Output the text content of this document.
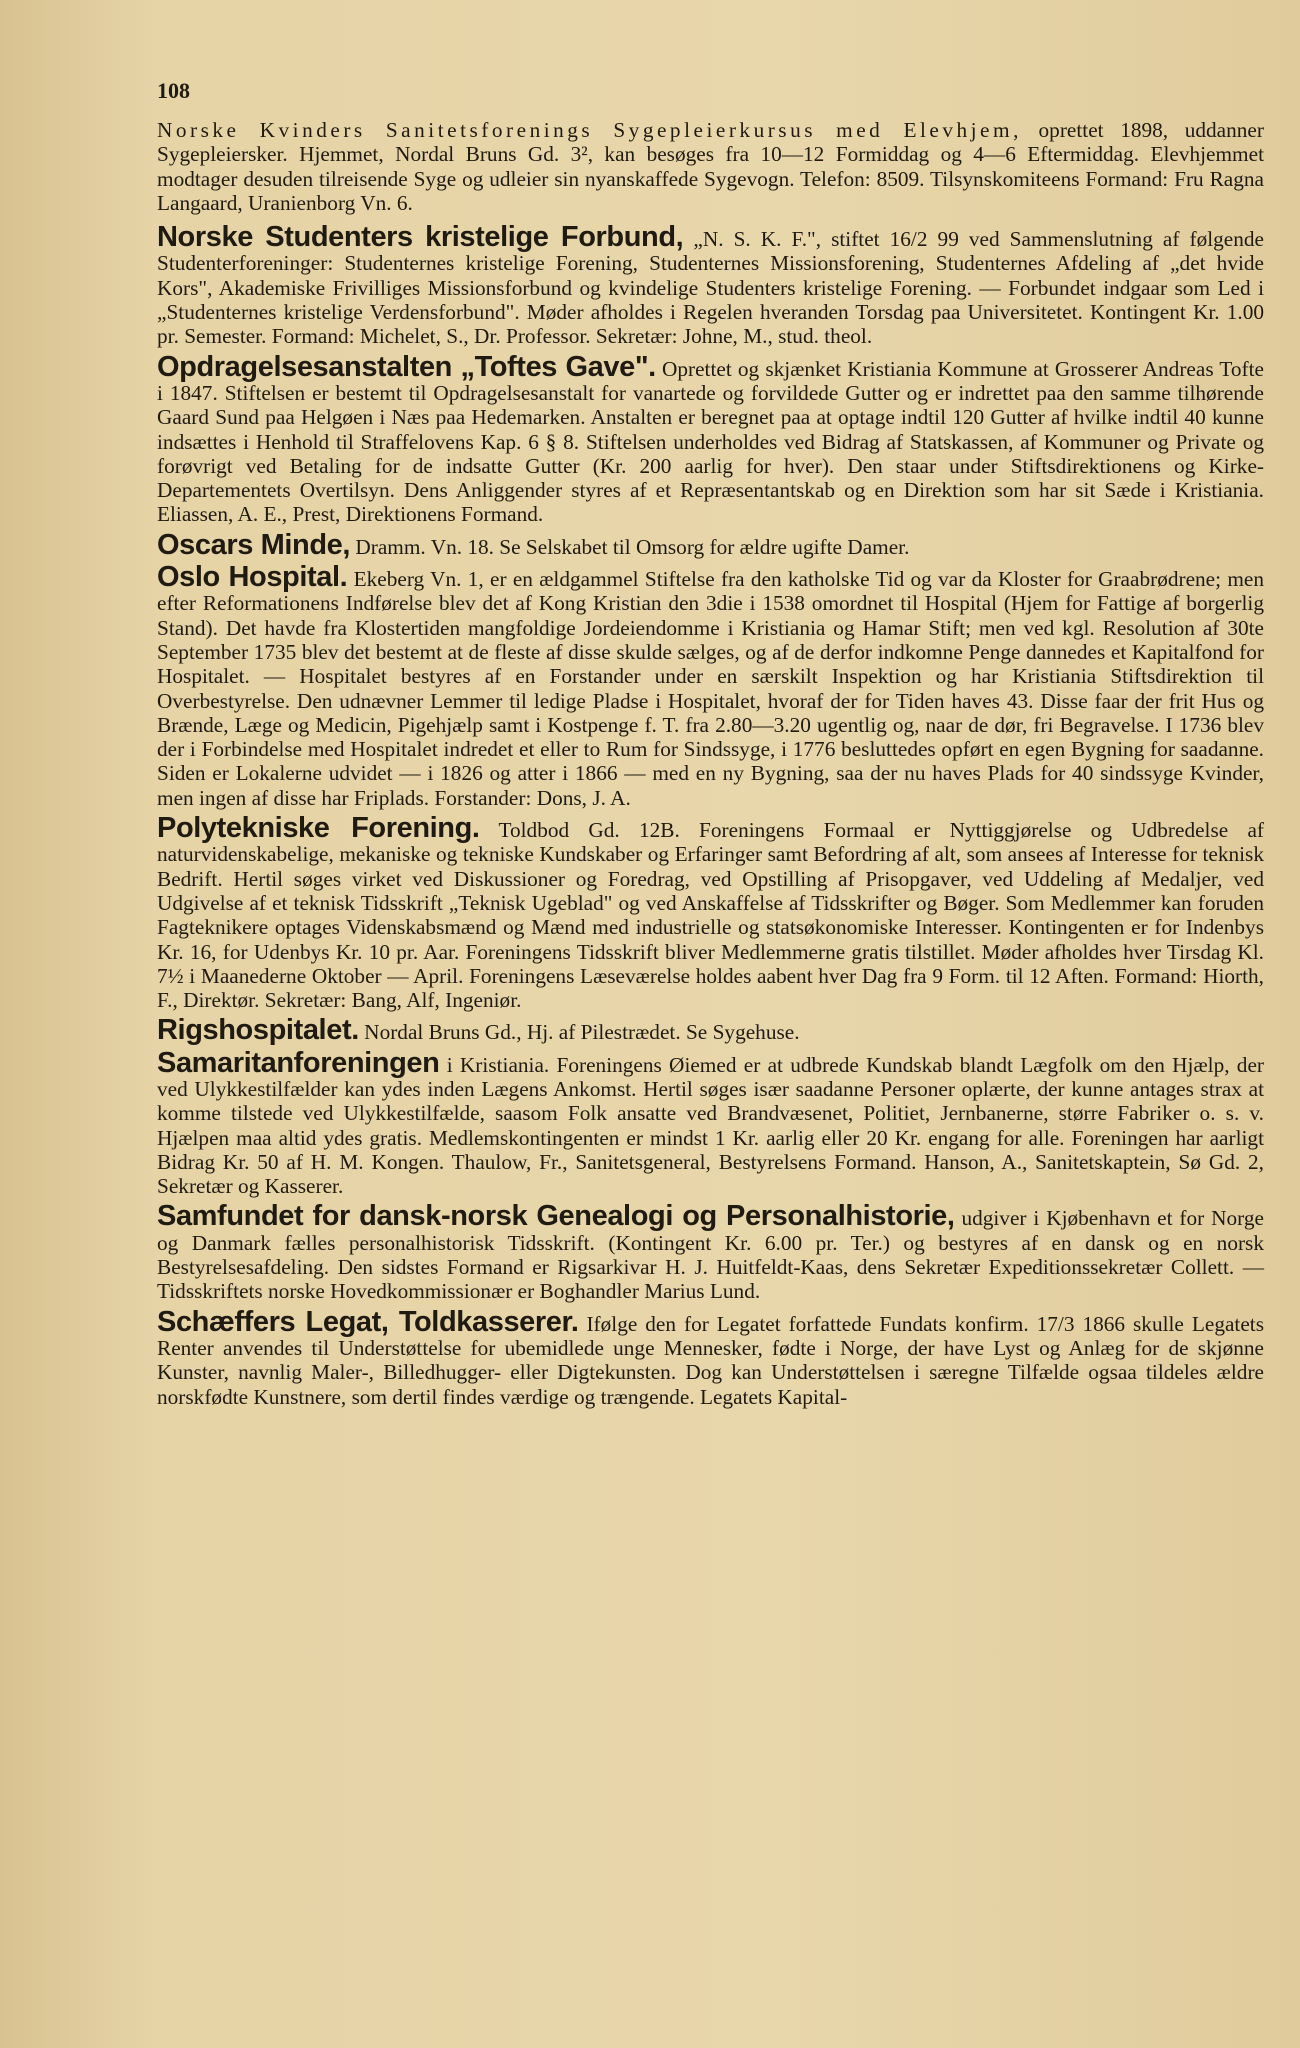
108

Norske Kvinders Sanitetsforenings Sygepleierkursus med Elevhjem, oprettet 1898, uddanner Sygepleiersker. Hjemmet, Nordal Bruns Gd. 3², kan besøges fra 10—12 Formiddag og 4—6 Eftermiddag. Elevhjemmet modtager desuden tilreisende Syge og udleier sin nyanskaffede Sygevogn. Telefon: 8509. Tilsynskomiteens Formand: Fru Ragna Langaard, Uranienborg Vn. 6.

Norske Studenters kristelige Forbund, „N. S. K. F.", stiftet 16/2 99 ved Sammenslutning af følgende Studenterforeninger: Studenternes kristelige Forening, Studenternes Missionsforening, Studenternes Afdeling af „det hvide Kors", Akademiske Frivilliges Missionsforbund og kvindelige Studenters kristelige Forening. — Forbundet indgaar som Led i „Studenternes kristelige Verdensforbund". Møder afholdes i Regelen hveranden Torsdag paa Universitetet. Kontingent Kr. 1.00 pr. Semester. Formand: Michelet, S., Dr. Professor. Sekretær: Johne, M., stud. theol.

Opdragelsesanstalten „Toftes Gave". Oprettet og skjænket Kristiania Kommune at Grosserer Andreas Tofte i 1847. Stiftelsen er bestemt til Opdragelsesanstalt for vanartede og forvildede Gutter og er indrettet paa den samme tilhørende Gaard Sund paa Helgøen i Næs paa Hedemarken. Anstalten er beregnet paa at optage indtil 120 Gutter af hvilke indtil 40 kunne indsættes i Henhold til Straffelovens Kap. 6 § 8. Stiftelsen underholdes ved Bidrag af Statskassen, af Kommuner og Private og forøvrigt ved Betaling for de indsatte Gutter (Kr. 200 aarlig for hver). Den staar under Stiftsdirektionens og Kirke-Departementets Overtilsyn. Dens Anliggender styres af et Repræsentantskab og en Direktion som har sit Sæde i Kristiania. Eliassen, A. E., Prest, Direktionens Formand.

Oscars Minde, Dramm. Vn. 18. Se Selskabet til Omsorg for ældre ugifte Damer.

Oslo Hospital. Ekeberg Vn. 1, er en ældgammel Stiftelse fra den katholske Tid og var da Kloster for Graabrødrene; men efter Reformationens Indførelse blev det af Kong Kristian den 3die i 1538 omordnet til Hospital (Hjem for Fattige af borgerlig Stand). Det havde fra Klostertiden mangfoldige Jordeiendomme i Kristiania og Hamar Stift; men ved kgl. Resolution af 30te September 1735 blev det bestemt at de fleste af disse skulde sælges, og af de derfor indkomne Penge dannedes et Kapitalfond for Hospitalet. — Hospitalet bestyres af en Forstander under en særskilt Inspektion og har Kristiania Stiftsdirektion til Overbestyrelse. Den udnævner Lemmer til ledige Pladse i Hospitalet, hvoraf der for Tiden haves 43. Disse faar der frit Hus og Brænde, Læge og Medicin, Pigehjælp samt i Kostpenge f. T. fra 2.80—3.20 ugentlig og, naar de dør, fri Begravelse. I 1736 blev der i Forbindelse med Hospitalet indredet et eller to Rum for Sindssyge, i 1776 besluttedes opført en egen Bygning for saadanne. Siden er Lokalerne udvidet — i 1826 og atter i 1866 — med en ny Bygning, saa der nu haves Plads for 40 sindssyge Kvinder, men ingen af disse har Friplads. Forstander: Dons, J. A.

Polytekniske Forening. Toldbod Gd. 12B. Foreningens Formaal er Nyttiggjørelse og Udbredelse af naturvidenskabelige, mekaniske og tekniske Kundskaber og Erfaringer samt Befordring af alt, som ansees af Interesse for teknisk Bedrift. Hertil søges virket ved Diskussioner og Foredrag, ved Opstilling af Prisopgaver, ved Uddeling af Medaljer, ved Udgivelse af et teknisk Tidsskrift „Teknisk Ugeblad" og ved Anskaffelse af Tidsskrifter og Bøger. Som Medlemmer kan foruden Fagteknikere optages Videnskabsmænd og Mænd med industrielle og statsøkonomiske Interesser. Kontingenten er for Indenbys Kr. 16, for Udenbys Kr. 10 pr. Aar. Foreningens Tidsskrift bliver Medlemmerne gratis tilstillet. Møder afholdes hver Tirsdag Kl. 7½ i Maanederne Oktober — April. Foreningens Læseværelse holdes aabent hver Dag fra 9 Form. til 12 Aften. Formand: Hiorth, F., Direktør. Sekretær: Bang, Alf, Ingeniør.

Rigshospitalet. Nordal Bruns Gd., Hj. af Pilestrædet. Se Sygehuse.

Samaritanforeningen i Kristiania. Foreningens Øiemed er at udbrede Kundskab blandt Lægfolk om den Hjælp, der ved Ulykkestilfælder kan ydes inden Lægens Ankomst. Hertil søges især saadanne Personer oplærte, der kunne antages strax at komme tilstede ved Ulykkestilfælde, saasom Folk ansatte ved Brandvæsenet, Politiet, Jernbanerne, større Fabriker o. s. v. Hjælpen maa altid ydes gratis. Medlemskontingenten er mindst 1 Kr. aarlig eller 20 Kr. engang for alle. Foreningen har aarligt Bidrag Kr. 50 af H. M. Kongen. Thaulow, Fr., Sanitetsgeneral, Bestyrelsens Formand. Hanson, A., Sanitetskaptein, Sø Gd. 2, Sekretær og Kasserer.

Samfundet for dansk-norsk Genealogi og Personalhistorie, udgiver i Kjøbenhavn et for Norge og Danmark fælles personalhistorisk Tidsskrift. (Kontingent Kr. 6.00 pr. Ter.) og bestyres af en dansk og en norsk Bestyrelsesafdeling. Den sidstes Formand er Rigsarkivar H. J. Huitfeldt-Kaas, dens Sekretær Expeditionssekretær Collett. — Tidsskriftets norske Hovedkommissionær er Boghandler Marius Lund.

Schæffers Legat, Toldkasserer. Ifølge den for Legatet forfattede Fundats konfirm. 17/3 1866 skulle Legatets Renter anvendes til Understøttelse for ubemidlede unge Mennesker, fødte i Norge, der have Lyst og Anlæg for de skjønne Kunster, navnlig Maler-, Billedhugger- eller Digtekunsten. Dog kan Understøttelsen i særegne Tilfælde ogsaa tildeles ældre norskfødte Kunstnere, som dertil findes værdige og trængende. Legatets Kapital-
